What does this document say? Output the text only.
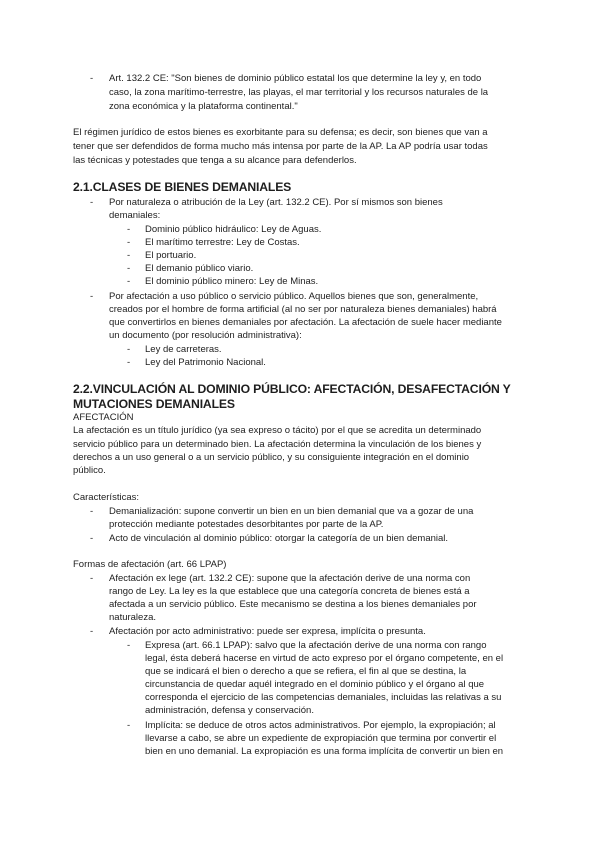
- Art. 132.2 CE: "Son bienes de dominio público estatal los que determine la ley y, en todo
caso, la zona marítimo-terrestre, las playas, el mar territorial y los recursos naturales de la
zona económica y la plataforma continental."
El régimen jurídico de estos bienes es exorbitante para su defensa; es decir, son bienes que van a
tener que ser defendidos de forma mucho más intensa por parte de la AP. La AP podría usar todas
las técnicas y potestades que tenga a su alcance para defenderlos.
2.1.CLASES DE BIENES DEMANIALES
- Por naturaleza o atribución de la Ley (art. 132.2 CE). Por sí mismos son bienes
demaniales:
- Dominio público hidráulico: Ley de Aguas.
- El marítimo terrestre: Ley de Costas.
- El portuario.
- El demanio público viario.
- El dominio público minero: Ley de Minas.
- Por afectación a uso público o servicio público. Aquellos bienes que son, generalmente,
creados por el hombre de forma artificial (al no ser por naturaleza bienes demaniales) habrá
que convertirlos en bienes demaniales por afectación. La afectación de suele hacer mediante
un documento (por resolución administrativa):
- Ley de carreteras.
- Ley del Patrimonio Nacional.
2.2.VINCULACIÓN AL DOMINIO PÚBLICO: AFECTACIÓN, DESAFECTACIÓN Y
MUTACIONES DEMANIALES
AFECTACIÓN
La afectación es un título jurídico (ya sea expreso o tácito) por el que se acredita un determinado
servicio público para un determinado bien. La afectación determina la vinculación de los bienes y
derechos a un uso general o a un servicio público, y su consiguiente integración en el dominio
público.
Características:
- Demanialización: supone convertir un bien en un bien demanial que va a gozar de una
protección mediante potestades desorbitantes por parte de la AP.
- Acto de vinculación al dominio público: otorgar la categoría de un bien demanial.
Formas de afectación (art. 66 LPAP)
- Afectación ex lege (art. 132.2 CE): supone que la afectación derive de una norma con
rango de Ley. La ley es la que establece que una categoría concreta de bienes está a
afectada a un servicio público. Este mecanismo se destina a los bienes demaniales por
naturaleza.
- Afectación por acto administrativo: puede ser expresa, implícita o presunta.
- Expresa (art. 66.1 LPAP): salvo que la afectación derive de una norma con rango
legal, ésta deberá hacerse en virtud de acto expreso por el órgano competente, en el
que se indicará el bien o derecho a que se refiera, el fin al que se destina, la
circunstancia de quedar aquél integrado en el dominio público y el órgano al que
corresponda el ejercicio de las competencias demaniales, incluidas las relativas a su
administración, defensa y conservación.
- Implícita: se deduce de otros actos administrativos. Por ejemplo, la expropiación; al
llevarse a cabo, se abre un expediente de expropiación que termina por convertir el
bien en uno demanial. La expropiación es una forma implícita de convertir un bien en
